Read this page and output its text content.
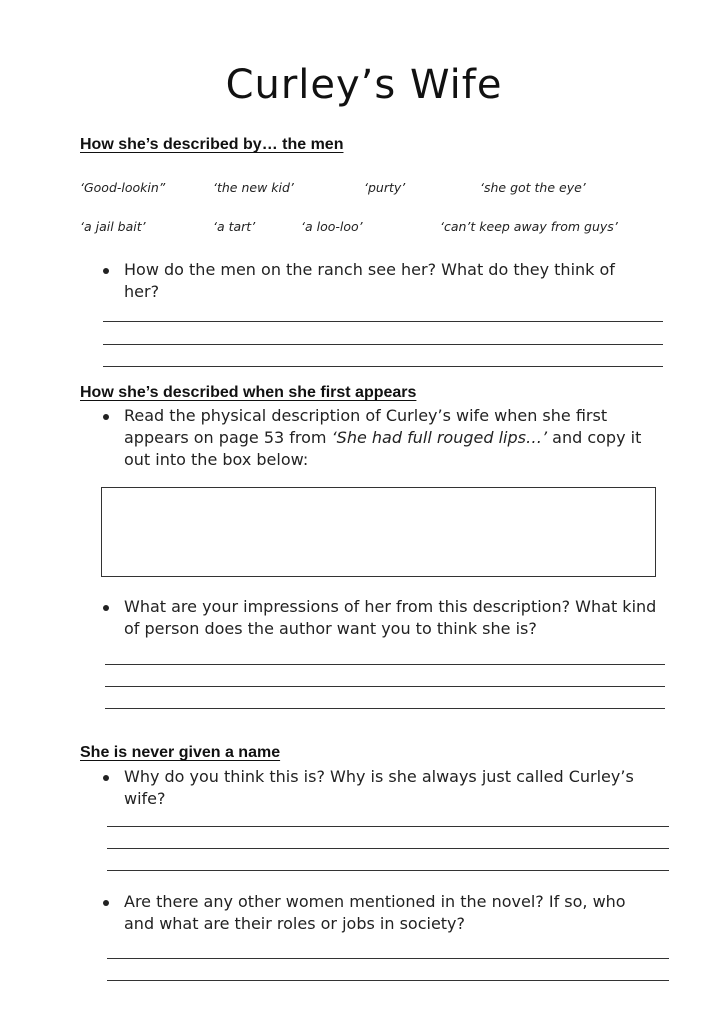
Curley’s Wife
How she’s described by… the men
‘Good-lookin”	‘the new kid’	‘purty’	‘she got the eye’
‘a jail bait’	‘a tart’	‘a loo-loo’	‘can’t keep away from guys’
How do the men on the ranch see her? What do they think of
her?
How she’s described when she first appears
Read the physical description of Curley’s wife when she first
appears on page 53 from ‘She had full rouged lips…’ and copy it
out into the box below:
What are your impressions of her from this description? What kind
of person does the author want you to think she is?
She is never given a name
Why do you think this is? Why is she always just called Curley’s
wife?
Are there any other women mentioned in the novel? If so, who
and what are their roles or jobs in society?
